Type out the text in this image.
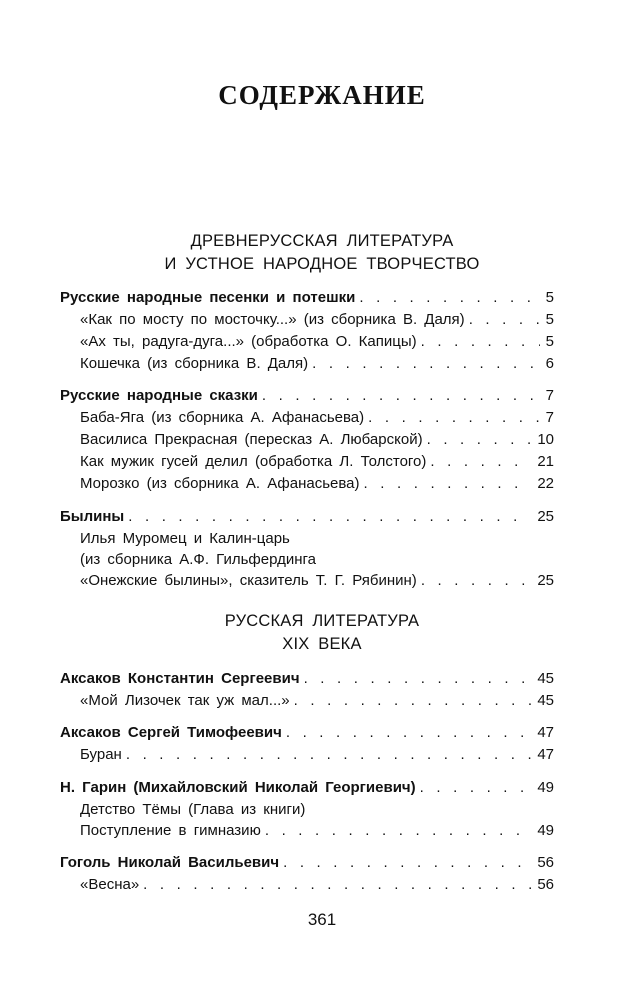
СОДЕРЖАНИЕ
ДРЕВНЕРУССКАЯ ЛИТЕРАТУРА
И УСТНОЕ НАРОДНОЕ ТВОРЧЕСТВО
Русские народные песенки и потешки . . .	5
«Как по мосту по мосточку...» (из сборника В. Даля) . . .	5
«Ах ты, радуга-дуга...» (обработка О. Капицы) . . .	5
Кошечка (из сборника В. Даля) . . .	6
Русские народные сказки . . .	7
Баба-Яга (из сборника А. Афанасьева) . . .	7
Василиса Прекрасная (пересказ А. Любарской) . . .	10
Как мужик гусей делил (обработка Л. Толстого) . . .	21
Морозко (из сборника А. Афанасьева) . . .	22
Былины . . .	25
Илья Муромец и Калин-царь
(из сборника А.Ф. Гильфердинга
«Онежские былины», сказитель Т. Г. Рябинин) . . .	25
РУССКАЯ ЛИТЕРАТУРА
XIX ВЕКА
Аксаков Константин Сергеевич . . .	45
«Мой Лизочек так уж мал...» . . .	45
Аксаков Сергей Тимофеевич . . .	47
Буран . . .	47
Н. Гарин (Михайловский Николай Георгиевич) . . .	49
Детство Тёмы (Глава из книги)
Поступление в гимназию . . .	49
Гоголь Николай Васильевич . . .	56
«Весна» . . .	56
361
